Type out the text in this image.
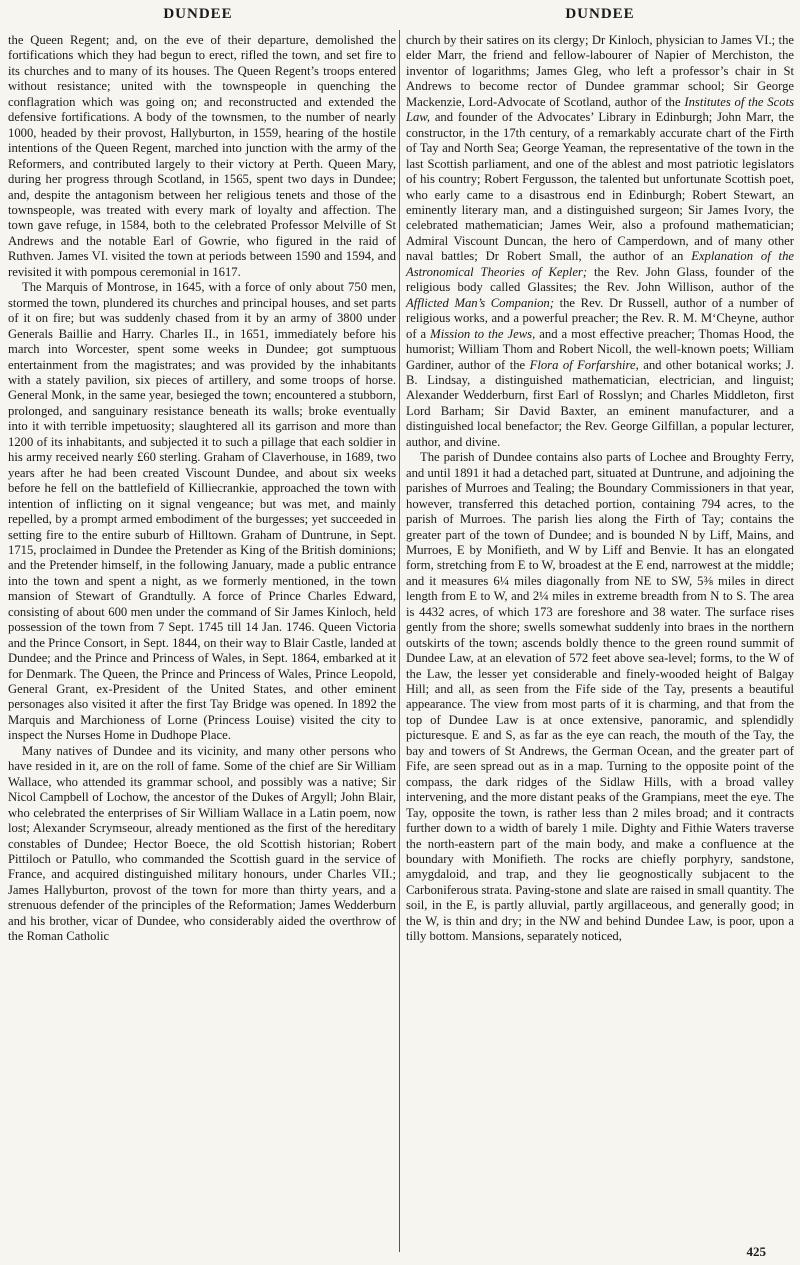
DUNDEE	DUNDEE

the Queen Regent; and, on the eve of their departure, demolished the fortifications which they had begun to erect, rifled the town, and set fire to its churches and to many of its houses. The Queen Regent’s troops entered without resistance; united with the townspeople in quenching the conflagration which was going on; and reconstructed and extended the defensive fortifications. A body of the townsmen, to the number of nearly 1000, headed by their provost, Hallyburton, in 1559, hearing of the hostile intentions of the Queen Regent, marched into junction with the army of the Reformers, and contributed largely to their victory at Perth. Queen Mary, during her progress through Scotland, in 1565, spent two days in Dundee; and, despite the antagonism between her religious tenets and those of the townspeople, was treated with every mark of loyalty and affection. The town gave refuge, in 1584, both to the celebrated Professor Melville of St Andrews and the notable Earl of Gowrie, who figured in the raid of Ruthven. James VI. visited the town at periods between 1590 and 1594, and revisited it with pompous ceremonial in 1617.

The Marquis of Montrose, in 1645, with a force of only about 750 men, stormed the town, plundered its churches and principal houses, and set parts of it on fire; but was suddenly chased from it by an army of 3800 under Generals Baillie and Harry. Charles II., in 1651, immediately before his march into Worcester, spent some weeks in Dundee; got sumptuous entertainment from the magistrates; and was provided by the inhabitants with a stately pavilion, six pieces of artillery, and some troops of horse. General Monk, in the same year, besieged the town; encountered a stubborn, prolonged, and sanguinary resistance beneath its walls; broke eventually into it with terrible impetuosity; slaughtered all its garrison and more than 1200 of its inhabitants, and subjected it to such a pillage that each soldier in his army received nearly £60 sterling. Graham of Claverhouse, in 1689, two years after he had been created Viscount Dundee, and about six weeks before he fell on the battlefield of Killiecrankie, approached the town with intention of inflicting on it signal vengeance; but was met, and mainly repelled, by a prompt armed embodiment of the burgesses; yet succeeded in setting fire to the entire suburb of Hilltown. Graham of Duntrune, in Sept. 1715, proclaimed in Dundee the Pretender as King of the British dominions; and the Pretender himself, in the following January, made a public entrance into the town and spent a night, as we formerly mentioned, in the town mansion of Stewart of Grandtully. A force of Prince Charles Edward, consisting of about 600 men under the command of Sir James Kinloch, held possession of the town from 7 Sept. 1745 till 14 Jan. 1746. Queen Victoria and the Prince Consort, in Sept. 1844, on their way to Blair Castle, landed at Dundee; and the Prince and Princess of Wales, in Sept. 1864, embarked at it for Denmark. The Queen, the Prince and Princess of Wales, Prince Leopold, General Grant, ex-President of the United States, and other eminent personages also visited it after the first Tay Bridge was opened. In 1892 the Marquis and Marchioness of Lorne (Princess Louise) visited the city to inspect the Nurses Home in Dudhope Place.

Many natives of Dundee and its vicinity, and many other persons who have resided in it, are on the roll of fame. Some of the chief are Sir William Wallace, who attended its grammar school, and possibly was a native; Sir Nicol Campbell of Lochow, the ancestor of the Dukes of Argyll; John Blair, who celebrated the enterprises of Sir William Wallace in a Latin poem, now lost; Alexander Scrymseour, already mentioned as the first of the hereditary constables of Dundee; Hector Boece, the old Scottish historian; Robert Pittiloch or Patullo, who commanded the Scottish guard in the service of France, and acquired distinguished military honours, under Charles VII.; James Hallyburton, provost of the town for more than thirty years, and a strenuous defender of the principles of the Reformation; James Wedderburn and his brother, vicar of Dundee, who considerably aided the overthrow of the Roman Catholic

church by their satires on its clergy; Dr Kinloch, physician to James VI.; the elder Marr, the friend and fellow-labourer of Napier of Merchiston, the inventor of logarithms; James Gleg, who left a professor’s chair in St Andrews to become rector of Dundee grammar school; Sir George Mackenzie, Lord-Advocate of Scotland, author of the Institutes of the Scots Law, and founder of the Advocates’ Library in Edinburgh; John Marr, the constructor, in the 17th century, of a remarkably accurate chart of the Firth of Tay and North Sea; George Yeaman, the representative of the town in the last Scottish parliament, and one of the ablest and most patriotic legislators of his country; Robert Fergusson, the talented but unfortunate Scottish poet, who early came to a disastrous end in Edinburgh; Robert Stewart, an eminently literary man, and a distinguished surgeon; Sir James Ivory, the celebrated mathematician; James Weir, also a profound mathematician; Admiral Viscount Duncan, the hero of Camperdown, and of many other naval battles; Dr Robert Small, the author of an Explanation of the Astronomical Theories of Kepler; the Rev. John Glass, founder of the religious body called Glassites; the Rev. John Willison, author of the Afflicted Man’s Companion; the Rev. Dr Russell, author of a number of religious works, and a powerful preacher; the Rev. R. M. M‘Cheyne, author of a Mission to the Jews, and a most effective preacher; Thomas Hood, the humorist; William Thom and Robert Nicoll, the well-known poets; William Gardiner, author of the Flora of Forfarshire, and other botanical works; J. B. Lindsay, a distinguished mathematician, electrician, and linguist; Alexander Wedderburn, first Earl of Rosslyn; and Charles Middleton, first Lord Barham; Sir David Baxter, an eminent manufacturer, and a distinguished local benefactor; the Rev. George Gilfillan, a popular lecturer, author, and divine.

The parish of Dundee contains also parts of Lochee and Broughty Ferry, and until 1891 it had a detached part, situated at Duntrune, and adjoining the parishes of Murroes and Tealing; the Boundary Commissioners in that year, however, transferred this detached portion, containing 794 acres, to the parish of Murroes. The parish lies along the Firth of Tay; contains the greater part of the town of Dundee; and is bounded N by Liff, Mains, and Murroes, E by Monifieth, and W by Liff and Benvie. It has an elongated form, stretching from E to W, broadest at the E end, narrowest at the middle; and it measures 6¼ miles diagonally from NE to SW, 5⅜ miles in direct length from E to W, and 2¼ miles in extreme breadth from N to S. The area is 4432 acres, of which 173 are foreshore and 38 water. The surface rises gently from the shore; swells somewhat suddenly into braes in the northern outskirts of the town; ascends boldly thence to the green round summit of Dundee Law, at an elevation of 572 feet above sea-level; forms, to the W of the Law, the lesser yet considerable and finely-wooded height of Balgay Hill; and all, as seen from the Fife side of the Tay, presents a beautiful appearance. The view from most parts of it is charming, and that from the top of Dundee Law is at once extensive, panoramic, and splendidly picturesque. E and S, as far as the eye can reach, the mouth of the Tay, the bay and towers of St Andrews, the German Ocean, and the greater part of Fife, are seen spread out as in a map. Turning to the opposite point of the compass, the dark ridges of the Sidlaw Hills, with a broad valley intervening, and the more distant peaks of the Grampians, meet the eye. The Tay, opposite the town, is rather less than 2 miles broad; and it contracts further down to a width of barely 1 mile. Dighty and Fithie Waters traverse the north-eastern part of the main body, and make a confluence at the boundary with Monifieth. The rocks are chiefly porphyry, sandstone, amygdaloid, and trap, and they lie geognostically subjacent to the Carboniferous strata. Paving-stone and slate are raised in small quantity. The soil, in the E, is partly alluvial, partly argillaceous, and generally good; in the W, is thin and dry; in the NW and behind Dundee Law, is poor, upon a tilly bottom. Mansions, separately noticed,

425
